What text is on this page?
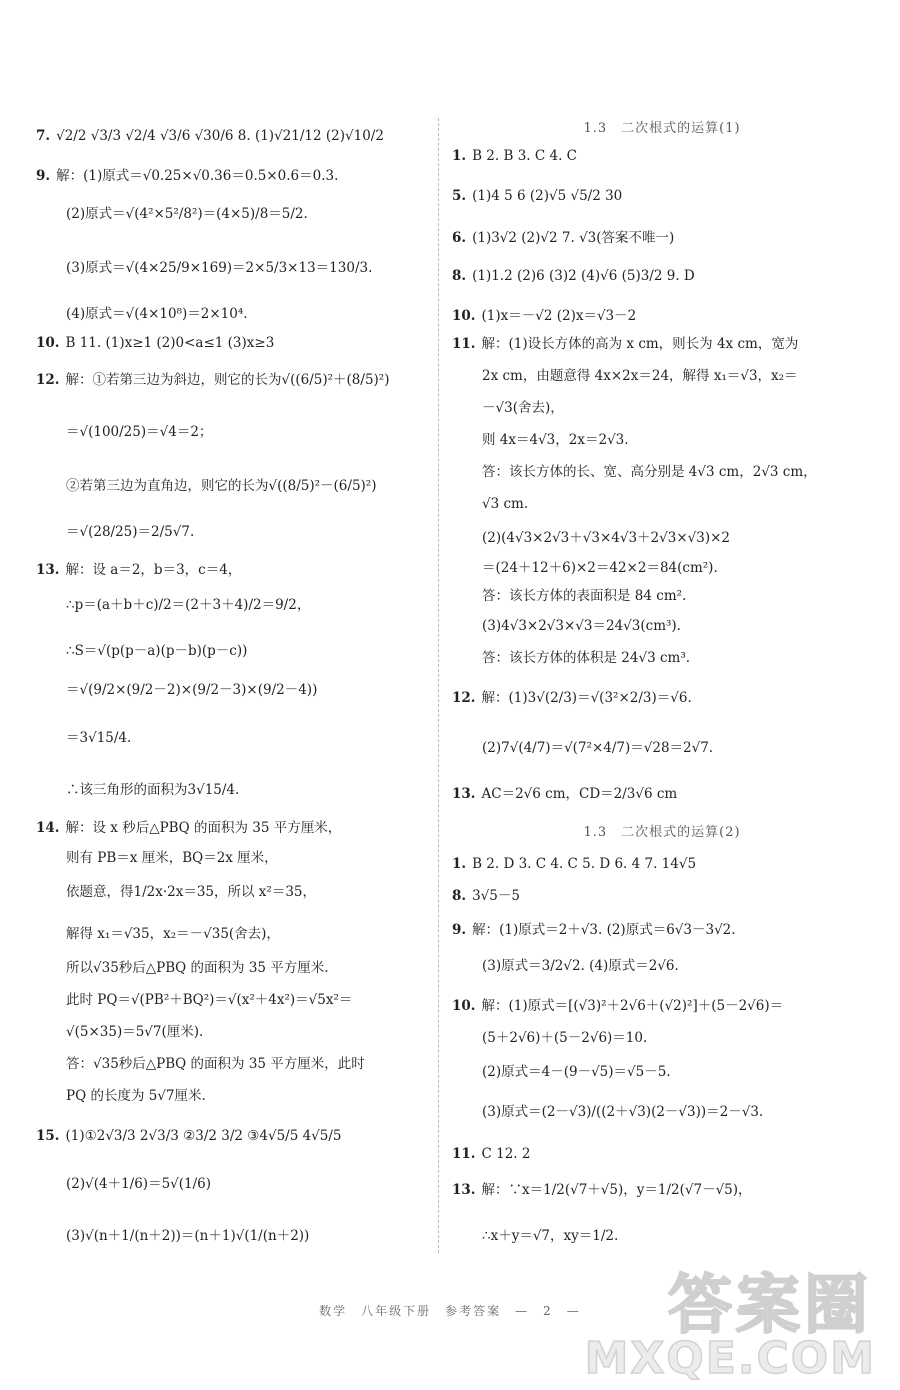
7. √2/2 √3/3 √2/4 √3/6 √30/6 8. (1)√21/12 (2)√10/2
9. 解：(1)原式＝√0.25×√0.36＝0.5×0.6＝0.3.
(2)原式＝√(4²×5²/8²)＝(4×5)/8＝5/2.
(3)原式＝√(4×25/9×169)＝2×5/3×13＝130/3.
(4)原式＝√(4×10⁸)＝2×10⁴.
10. B 11. (1)x≥1 (2)0<a≤1 (3)x≥3
12. 解：①若第三边为斜边，则它的长为√((6/5)²＋(8/5)²)
＝√(100/25)＝√4＝2；
②若第三边为直角边，则它的长为√((8/5)²－(6/5)²)
＝√(28/25)＝2/5√7.
13. 解：设 a＝2，b＝3，c＝4，
∴p＝(a＋b＋c)/2＝(2＋3＋4)/2＝9/2，
∴S＝√(p(p－a)(p－b)(p－c))
＝√(9/2×(9/2－2)×(9/2－3)×(9/2－4))
＝3√15/4.
∴该三角形的面积为3√15/4.
14. 解：设 x 秒后△PBQ 的面积为 35 平方厘米，
则有 PB＝x 厘米，BQ＝2x 厘米，
依题意，得1/2x·2x＝35，所以 x²＝35，
解得 x₁＝√35，x₂＝－√35(舍去)，
所以√35秒后△PBQ 的面积为 35 平方厘米.
此时 PQ＝√(PB²＋BQ²)＝√(x²＋4x²)＝√5x²＝
√(5×35)＝5√7(厘米).
答：√35秒后△PBQ 的面积为 35 平方厘米，此时
PQ 的长度为 5√7厘米.
15. (1)①2√3/3 2√3/3 ②3/2 3/2 ③4√5/5 4√5/5
(2)√(4＋1/6)＝5√(1/6)
(3)√(n＋1/(n＋2))＝(n＋1)√(1/(n＋2))
1.3　二次根式的运算(1)
1. B 2. B 3. C 4. C
5. (1)4 5 6 (2)√5 √5/2 30
6. (1)3√2 (2)√2 7. √3(答案不唯一)
8. (1)1.2 (2)6 (3)2 (4)√6 (5)3/2 9. D
10. (1)x＝－√2 (2)x＝√3－2
11. 解：(1)设长方体的高为 x cm，则长为 4x cm，宽为
2x cm，由题意得 4x×2x＝24，解得 x₁＝√3，x₂＝
－√3(舍去)，
则 4x＝4√3，2x＝2√3.
答：该长方体的长、宽、高分别是 4√3 cm，2√3 cm，
√3 cm.
(2)(4√3×2√3＋√3×4√3＋2√3×√3)×2
＝(24＋12＋6)×2＝42×2＝84(cm²).
答：该长方体的表面积是 84 cm².
(3)4√3×2√3×√3＝24√3(cm³).
答：该长方体的体积是 24√3 cm³.
12. 解：(1)3√(2/3)＝√(3²×2/3)＝√6.
(2)7√(4/7)＝√(7²×4/7)＝√28＝2√7.
13. AC＝2√6 cm，CD＝2/3√6 cm
1.3　二次根式的运算(2)
1. B 2. D 3. C 4. C 5. D 6. 4 7. 14√5
8. 3√5－5
9. 解：(1)原式＝2＋√3. (2)原式＝6√3－3√2.
(3)原式＝3/2√2. (4)原式＝2√6.
10. 解：(1)原式＝[(√3)²＋2√6＋(√2)²]＋(5－2√6)＝
(5＋2√6)＋(5－2√6)＝10.
(2)原式＝4－(9－√5)＝√5－5.
(3)原式＝(2－√3)/((2＋√3)(2－√3))＝2－√3.
11. C 12. 2
13. 解：∵x＝1/2(√7＋√5)，y＝1/2(√7－√5)，
∴x＋y＝√7，xy＝1/2.
数学　八年级下册　参考答案　—　2　—	答案圈
MXQE.COM
